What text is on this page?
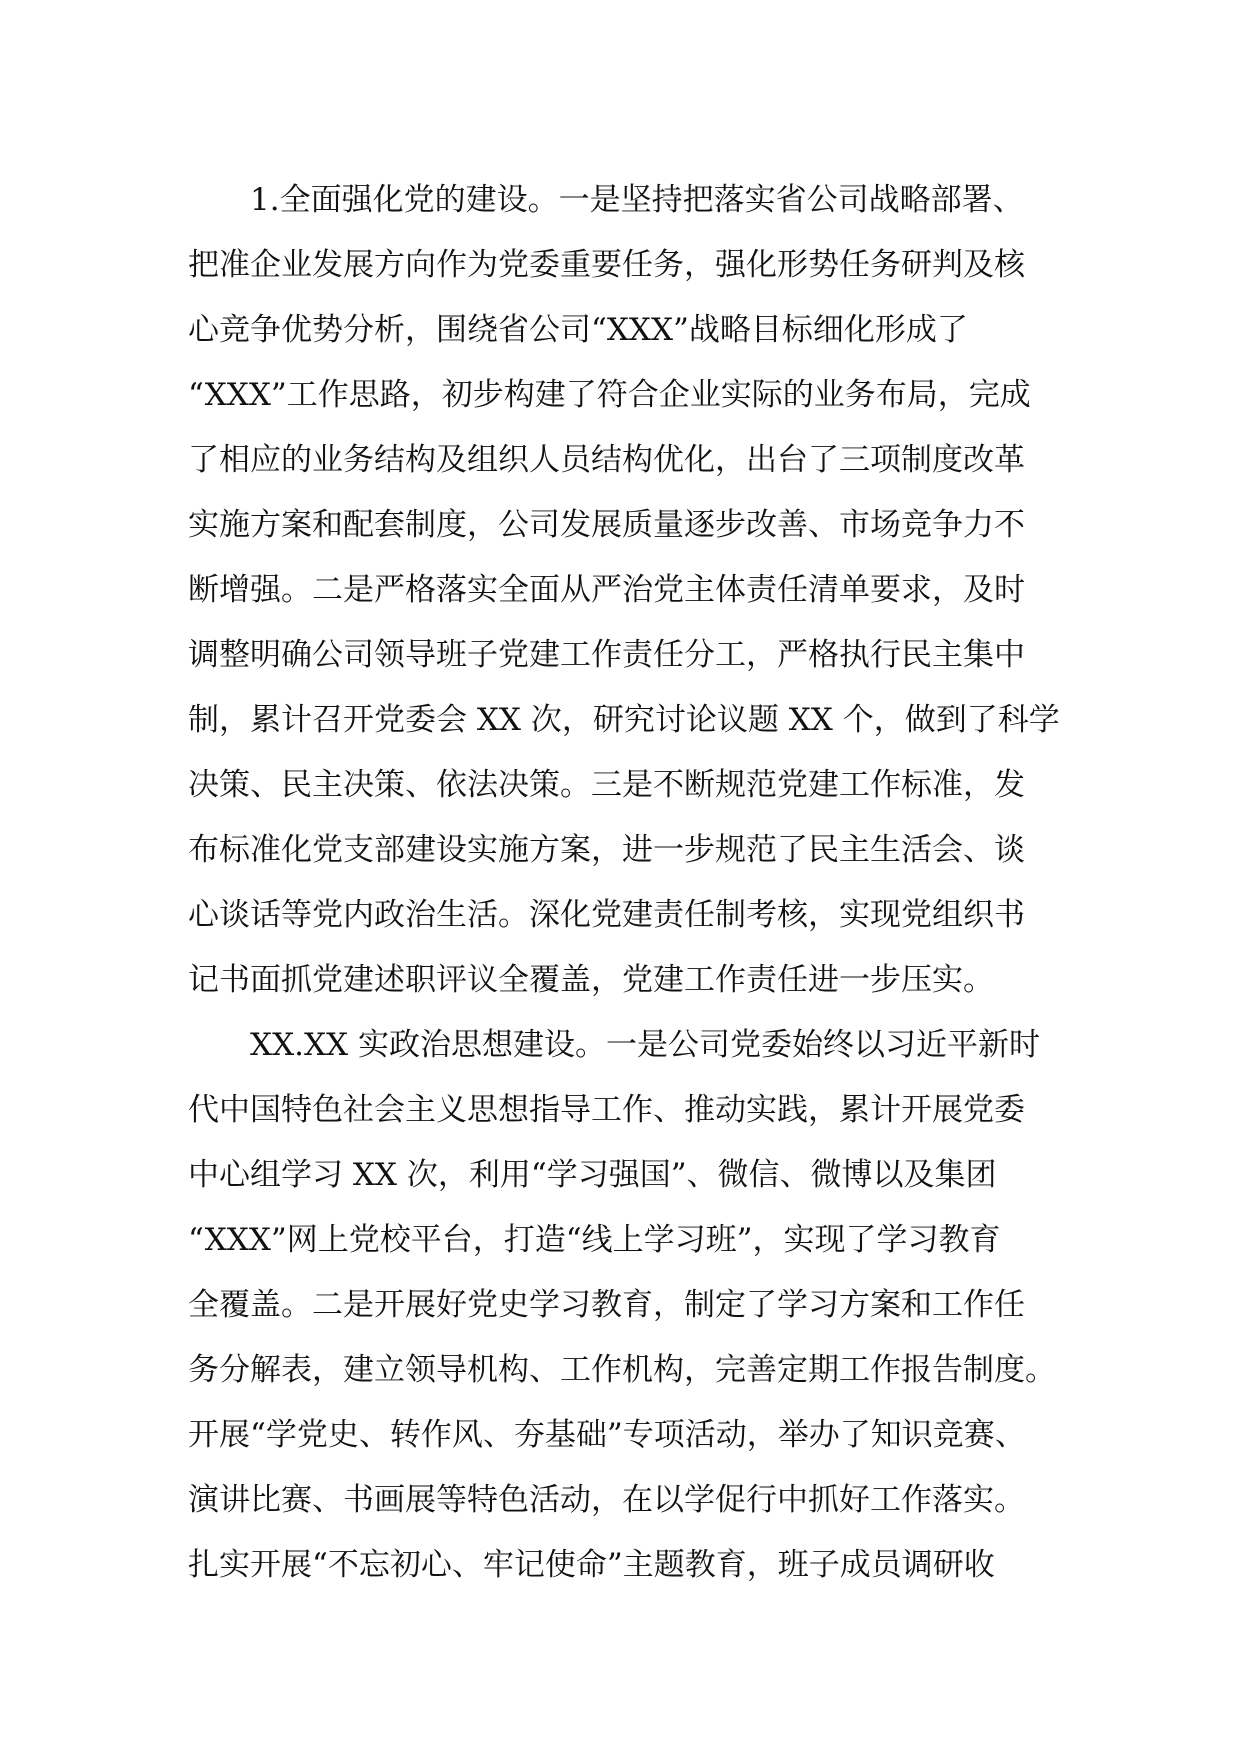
1.全面强化党的建设。一是坚持把落实省公司战略部署、
把准企业发展方向作为党委重要任务，强化形势任务研判及核
心竞争优势分析，围绕省公司“XXX”战略目标细化形成了
“XXX”工作思路，初步构建了符合企业实际的业务布局，完成
了相应的业务结构及组织人员结构优化，出台了三项制度改革
实施方案和配套制度，公司发展质量逐步改善、市场竞争力不
断增强。二是严格落实全面从严治党主体责任清单要求，及时
调整明确公司领导班子党建工作责任分工，严格执行民主集中
制，累计召开党委会 XX 次，研究讨论议题 XX 个，做到了科学
决策、民主决策、依法决策。三是不断规范党建工作标准，发
布标准化党支部建设实施方案，进一步规范了民主生活会、谈
心谈话等党内政治生活。深化党建责任制考核，实现党组织书
记书面抓党建述职评议全覆盖，党建工作责任进一步压实。
XX.XX 实政治思想建设。一是公司党委始终以习近平新时
代中国特色社会主义思想指导工作、推动实践，累计开展党委
中心组学习 XX 次，利用“学习强国”、微信、微博以及集团
“XXX”网上党校平台，打造“线上学习班”，实现了学习教育
全覆盖。二是开展好党史学习教育，制定了学习方案和工作任
务分解表，建立领导机构、工作机构，完善定期工作报告制度。
开展“学党史、转作风、夯基础”专项活动，举办了知识竞赛、
演讲比赛、书画展等特色活动，在以学促行中抓好工作落实。
扎实开展“不忘初心、牢记使命”主题教育，班子成员调研收
